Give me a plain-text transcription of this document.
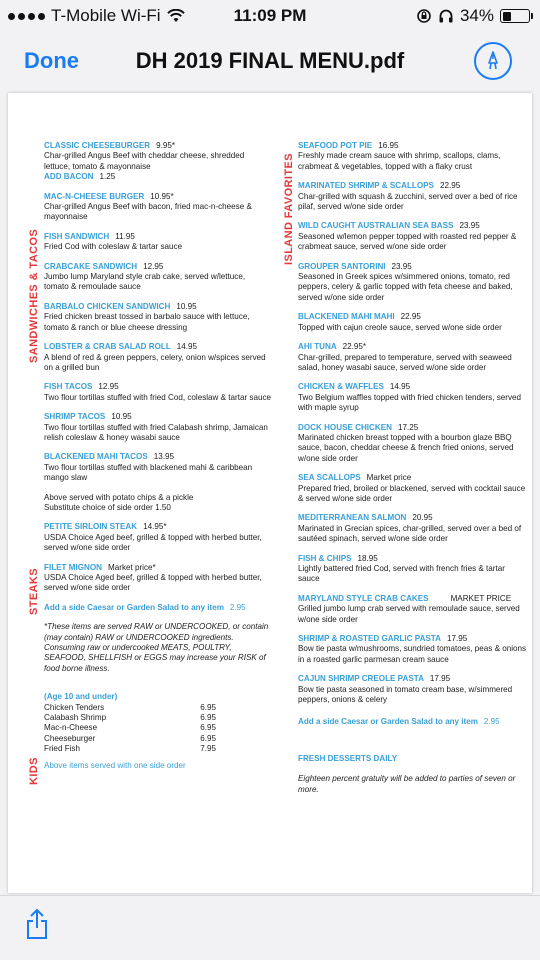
T-Mobile Wi-Fi	11:09 PM	34%
Done	DH 2019 FINAL MENU.pdf
SANDWICHES & TACOS
STEAKS
KIDS
ISLAND FAVORITES
CLASSIC CHEESEBURGER 9.95*
Char-grilled Angus Beef with cheddar cheese, shredded lettuce, tomato & mayonnaise
ADD BACON 1.25
MAC-N-CHEESE BURGER 10.95*
Char-grilled Angus Beef with bacon, fried mac-n-cheese & mayonnaise
FISH SANDWICH 11.95
Fried Cod with coleslaw & tartar sauce
CRABCAKE SANDWICH 12.95
Jumbo lump Maryland style crab cake, served w/lettuce, tomato & remoulade sauce
BARBALO CHICKEN SANDWICH 10.95
Fried chicken breast tossed in barbalo sauce with lettuce, tomato & ranch or blue cheese dressing
LOBSTER & CRAB SALAD ROLL 14.95
A blend of red & green peppers, celery, onion w/spices served on a grilled bun
FISH TACOS 12.95
Two flour tortillas stuffed with fried Cod, coleslaw & tartar sauce
SHRIMP TACOS 10.95
Two flour tortillas stuffed with fried Calabash shrimp, Jamaican relish coleslaw & honey wasabi sauce
BLACKENED MAHI TACOS 13.95
Two flour tortillas stuffed with blackened mahi & caribbean mango slaw
Above served with potato chips & a pickle
Substitute choice of side order 1.50
PETITE SIRLOIN STEAK 14.95*
USDA Choice Aged beef, grilled & topped with herbed butter, served w/one side order
FILET MIGNON Market price*
USDA Choice Aged beef, grilled & topped with herbed butter, served w/one side order
Add a side Caesar or Garden Salad to any item 2.95
*These items are served RAW or UNDERCOOKED, or contain (may contain) RAW or UNDERCOOKED ingredients. Consuming raw or undercooked MEATS, POULTRY, SEAFOOD, SHELLFISH or EGGS may increase your RISK of food borne illness.
(Age 10 and under)
Chicken Tenders	6.95
Calabash Shrimp	6.95
Mac-n-Cheese	6.95
Cheeseburger	6.95
Fried Fish	7.95
Above items served with one side order
SEAFOOD POT PIE 16.95
Freshly made cream sauce with shrimp, scallops, clams, crabmeat & vegetables, topped with a flaky crust
MARINATED SHRIMP & SCALLOPS 22.95
Char-grilled with squash & zucchini, served over a bed of rice pilaf, served w/one side order
WILD CAUGHT AUSTRALIAN SEA BASS 23.95
Seasoned w/lemon pepper topped with roasted red pepper & crabmeat sauce, served w/one side order
GROUPER SANTORINI 23.95
Seasoned in Greek spices w/simmered onions, tomato, red peppers, celery & garlic topped with feta cheese and baked, served w/one side order
BLACKENED MAHI MAHI 22.95
Topped with cajun creole sauce, served w/one side order
AHI TUNA 22.95*
Char-grilled, prepared to temperature, served with seaweed salad, honey wasabi sauce, served w/one side order
CHICKEN & WAFFLES 14.95
Two Belgium waffles topped with fried chicken tenders, served with maple syrup
DOCK HOUSE CHICKEN 17.25
Marinated chicken breast topped with a bourbon glaze BBQ sauce, bacon, cheddar cheese & french fried onions, served w/one side order
SEA SCALLOPS Market price
Prepared fried, broiled or blackened, served with cocktail sauce & served w/one side order
MEDITERRANEAN SALMON 20.95
Marinated in Grecian spices, char-grilled, served over a bed of sautéed spinach, served w/one side order
FISH & CHIPS 18.95
Lightly battered fried Cod, served with french fries & tartar sauce
MARYLAND STYLE CRAB CAKES	MARKET PRICE
Grilled jumbo lump crab served with remoulade sauce, served w/one side order
SHRIMP & ROASTED GARLIC PASTA 17.95
Bow tie pasta w/mushrooms, sundried tomatoes, peas & onions in a roasted garlic parmesan cream sauce
CAJUN SHRIMP CREOLE PASTA 17.95
Bow tie pasta seasoned in tomato cream base, w/simmered peppers, onions & celery
Add a side Caesar or Garden Salad to any item 2.95
FRESH DESSERTS DAILY
Eighteen percent gratuity will be added to parties of seven or more.
